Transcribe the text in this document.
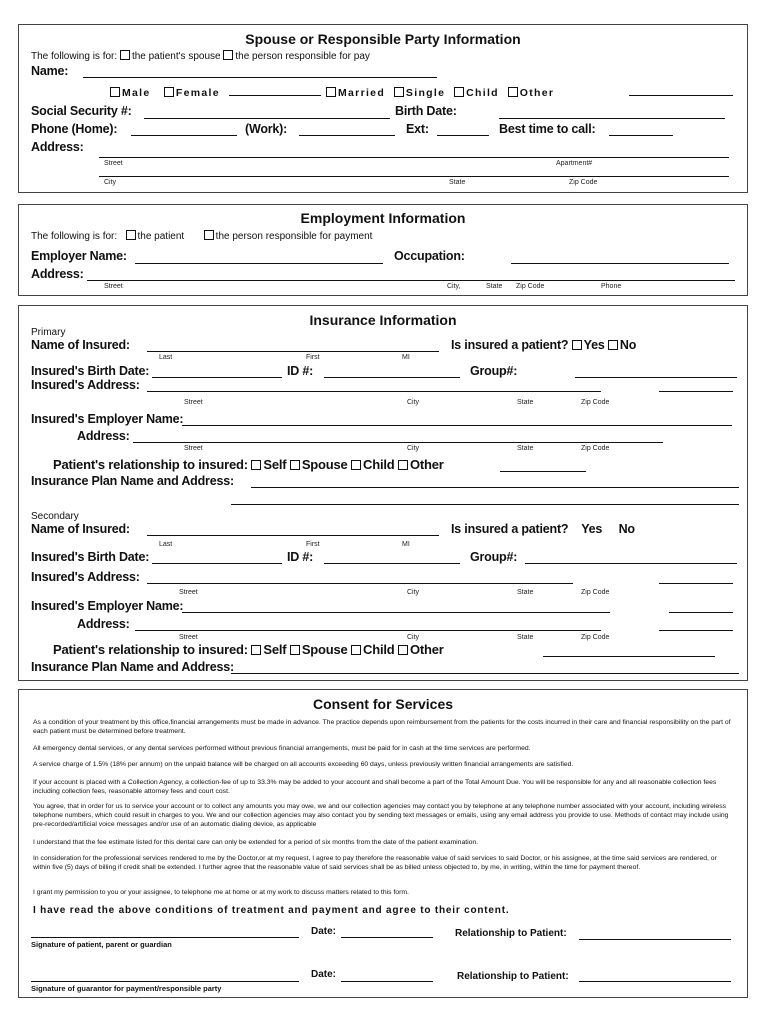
Spouse or Responsible Party Information
The following is for: the patient's spouse the person responsible for pay
Name:
Male Female	Married Single Child Other
Social Security #:	Birth Date:
Phone (Home):	(Work):	Ext:	Best time to call:
Address:
Street	Apartment#
City	State	Zip Code
Employment Information
The following is for: the patient	the person responsible for payment
Employer Name:	Occupation:
Address:
Street	City,	State Zip Code	Phone
Insurance Information
Primary
Name of Insured:	Is insured a patient? Yes No
Last	First	MI
Insured's Birth Date:	ID #:	Group#:
Insured's Address:
Street	City	State	Zip Code
Insured's Employer Name:
Address:
Street	City	State	Zip Code
Patient's relationship to insured: Self Spouse Child Other
Insurance Plan Name and Address:
Secondary
Name of Insured:	Is insured a patient? Yes No
Last	First	MI
Insured's Birth Date:	ID #:	Group#:
Insured's Address:
Street	City	State	Zip Code
Insured's Employer Name:
Address:
Street	City	State	Zip Code
Patient's relationship to insured: Self Spouse Child Other
Insurance Plan Name and Address:
Consent for Services
As a condition of your treatment by this office,financial arrangements must be made in advance. The practice depends upon reimbursement from the patients for the costs incurred in their care and financial responsibility on the part of each patient must be determined before treatment.
All emergency dental services, or any dental services performed without previous financial arrangements, must be paid for in cash at the time services are performed.
A service charge of 1.5% (18% per annum) on the unpaid balance will be charged on all accounts exceeding 60 days, unless previously written financial arrangements are satisfied.
If your account is placed with a Collection Agency, a collection-fee of up to 33.3% may be added to your account and shall become a part of the Total Amount Due. You will be responsible for any and all reasonable collection fees including collection fees, reasonable attorney fees and court cost.
You agree, that in order for us to service your account or to collect any amounts you may owe, we and our collection agencies may contact you by telephone at any telephone number associated with your account, including wireless telephone numbers, which could result in charges to you. We and our collection agencies may also contact you by sending text messages or emails, using any email address you provide to use. Methods of contact may include using pre-recorded/artificial voice messages and/or use of an automatic dialing device, as applicable
I understand that the fee estimate listed for this dental care can only be extended for a period of six months from the date of the patient examination.
In consideration for the professional services rendered to me by the Doctor,or at my request, I agree to pay therefore the reasonable value of said services to said Doctor, or his assignee, at the time said services are rendered, or within five (5) days of billing if credit shall be extended. I further agree that the reasonable value of said services shall be as billed unless objected to, by me, in writing, within the time for payment thereof.
I grant my permission to you or your assignee, to telephone me at home or at my work to discuss matters related to this form.
I have read the above conditions of treatment and payment and agree to their content.
Date:	Relationship to Patient:
Signature of patient, parent or guardian
Date:	Relationship to Patient:
Signature of guarantor for payment/responsible party
